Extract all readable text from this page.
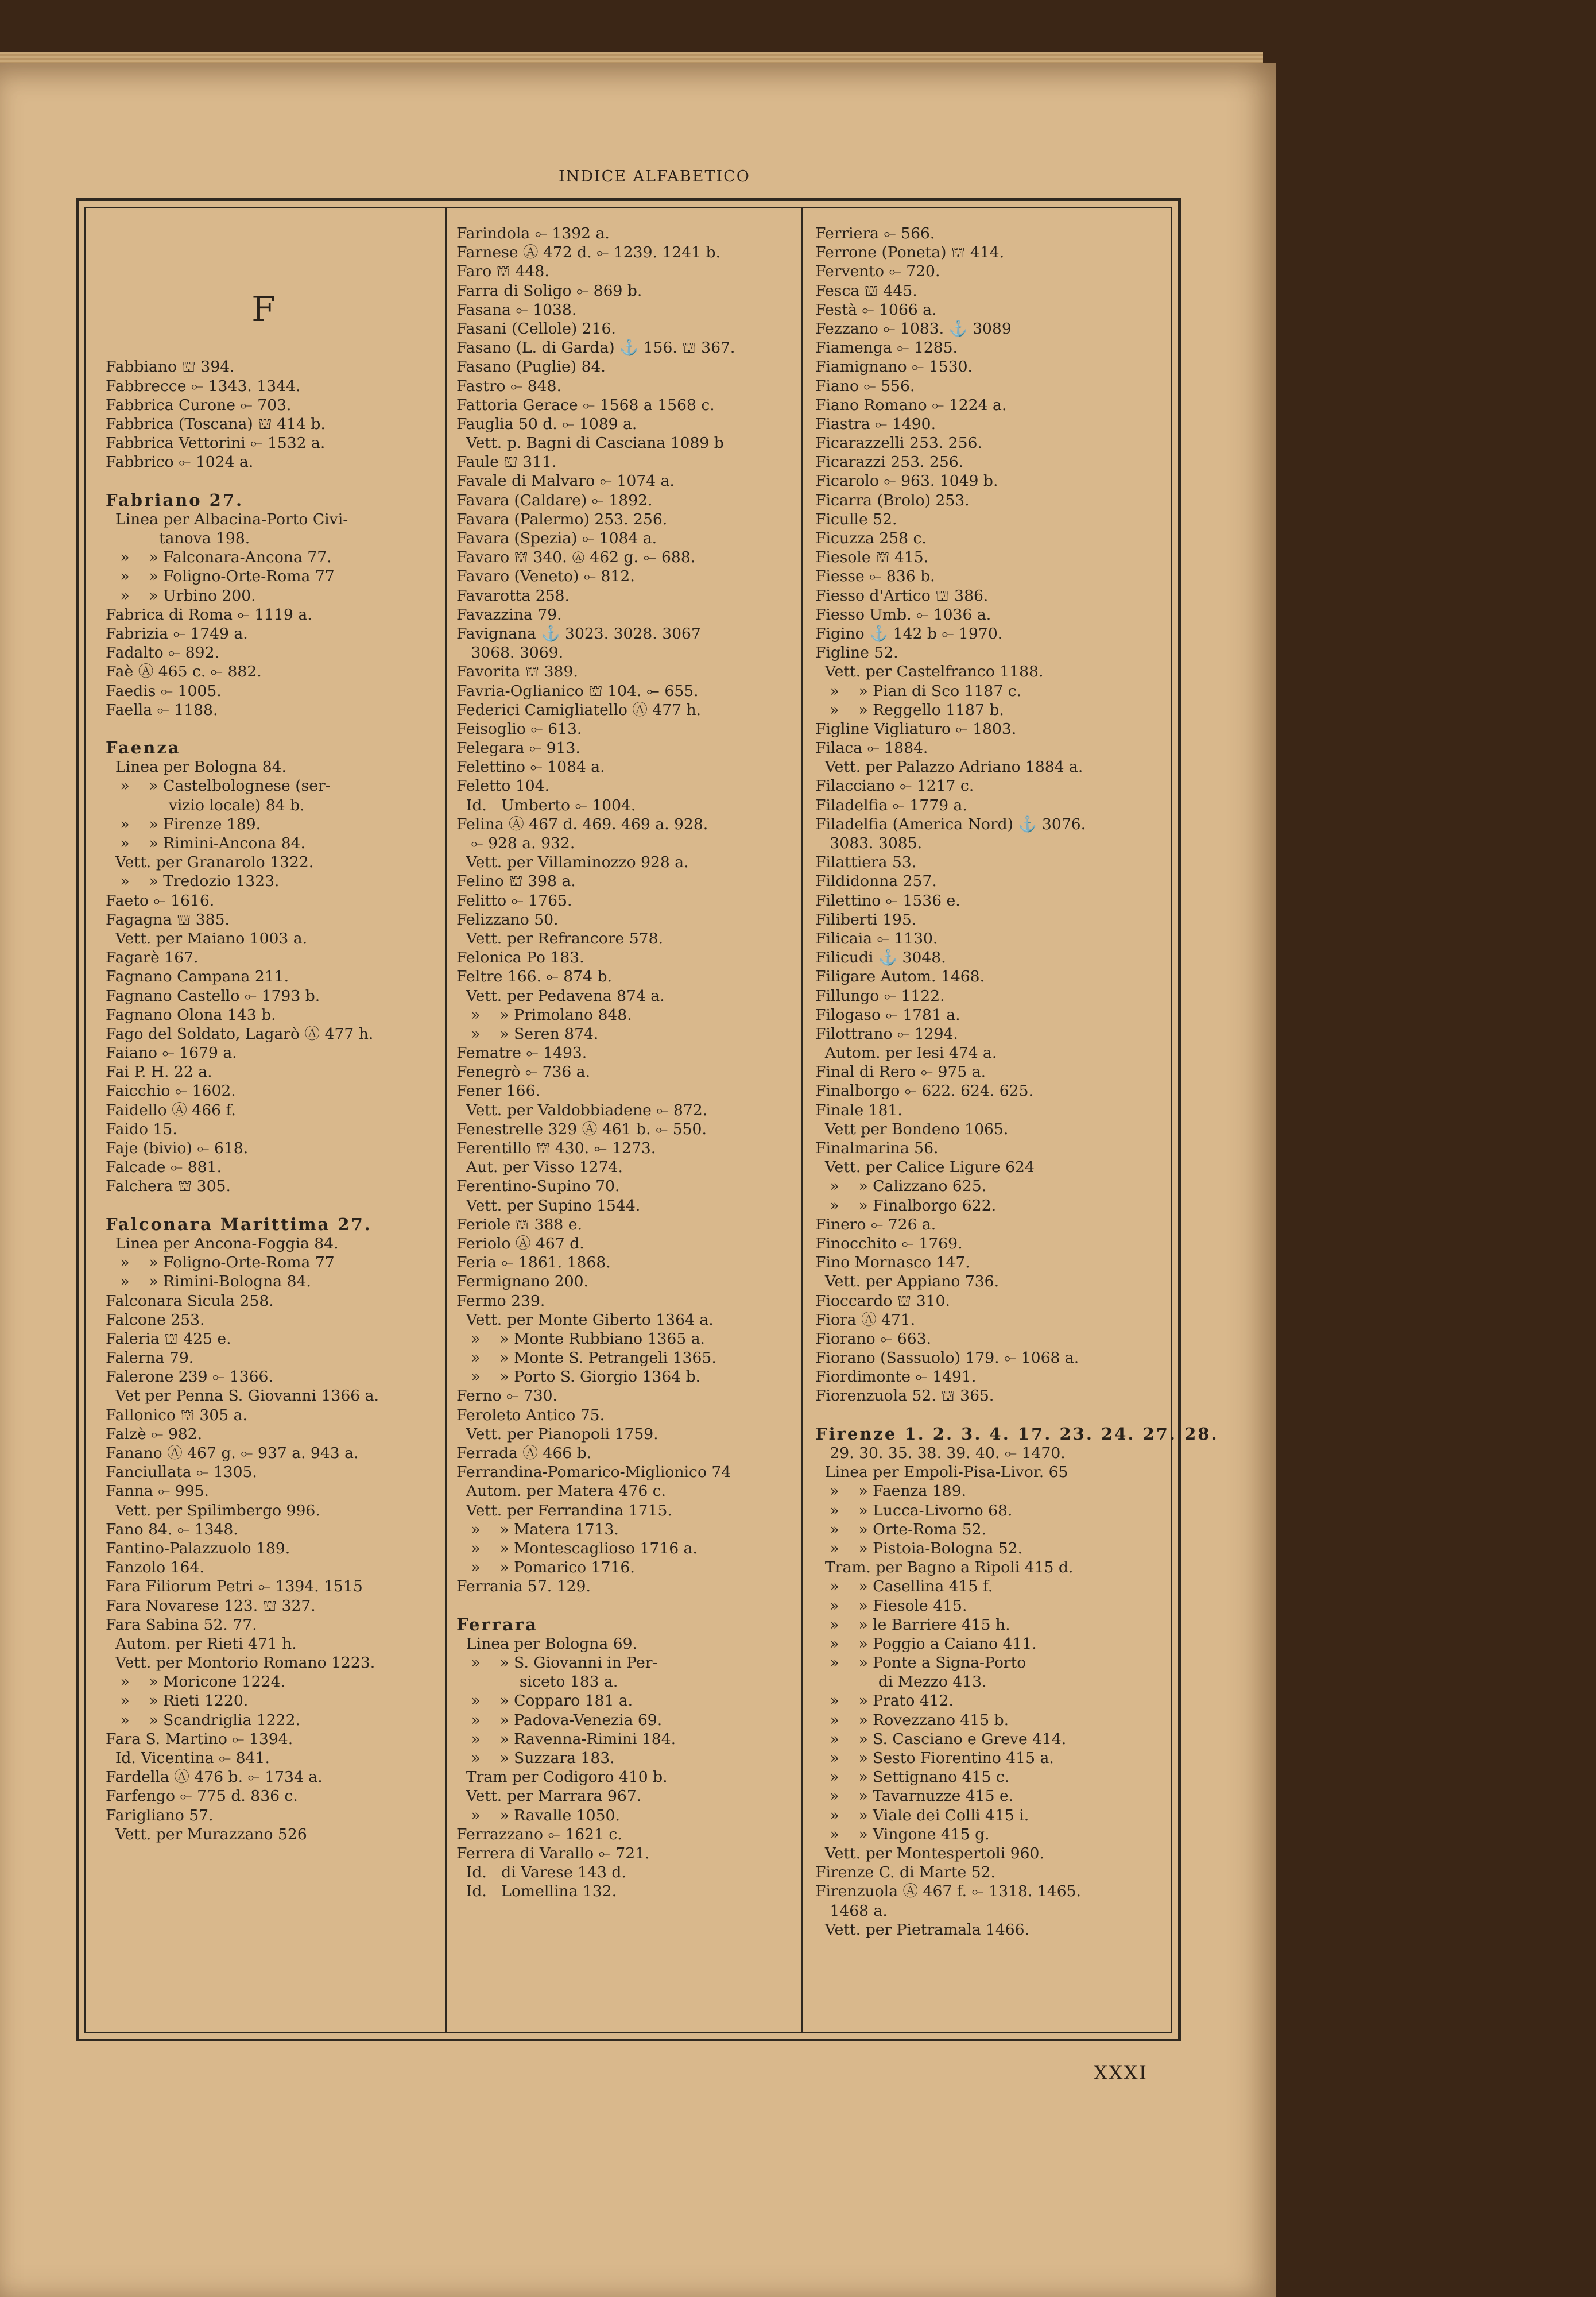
INDICE ALFABETICO
F
Fabbiano ⛫ 394.
Fabbrecce ⟜ 1343. 1344.
Fabbrica Curone ⟜ 703.
Fabbrica (Toscana) ⛫ 414 b.
Fabbrica Vettorini ⟜ 1532 a.
Fabbrico ⟜ 1024 a.
Fabriano 27.
Linea per Albacina-Porto Civi-
tanova 198.
»    » Falconara-Ancona 77.
»    » Foligno-Orte-Roma 77
»    » Urbino 200.
Fabrica di Roma ⟜ 1119 a.
Fabrizia ⟜ 1749 a.
Fadalto ⟜ 892.
Faè Ⓐ 465 c. ⟜ 882.
Faedis ⟜ 1005.
Faella ⟜ 1188.
Faenza
Linea per Bologna 84.
»    » Castelbolognese (ser-
vizio locale) 84 b.
»    » Firenze 189.
»    » Rimini-Ancona 84.
Vett. per Granarolo 1322.
»    » Tredozio 1323.
Faeto ⟜ 1616.
Fagagna ⛫ 385.
Vett. per Maiano 1003 a.
Fagarè 167.
Fagnano Campana 211.
Fagnano Castello ⟜ 1793 b.
Fagnano Olona 143 b.
Fago del Soldato, Lagarò Ⓐ 477 h.
Faiano ⟜ 1679 a.
Fai P. H. 22 a.
Faicchio ⟜ 1602.
Faidello Ⓐ 466 f.
Faido 15.
Faje (bivio) ⟜ 618.
Falcade ⟜ 881.
Falchera ⛫ 305.
Falconara Marittima 27.
Linea per Ancona-Foggia 84.
»    » Foligno-Orte-Roma 77
»    » Rimini-Bologna 84.
Falconara Sicula 258.
Falcone 253.
Faleria ⛫ 425 e.
Falerna 79.
Falerone 239 ⟜ 1366.
Vet per Penna S. Giovanni 1366 a.
Fallonico ⛫ 305 a.
Falzè ⟜ 982.
Fanano Ⓐ 467 g. ⟜ 937 a. 943 a.
Fanciullata ⟜ 1305.
Fanna ⟜ 995.
Vett. per Spilimbergo 996.
Fano 84. ⟜ 1348.
Fantino-Palazzuolo 189.
Fanzolo 164.
Fara Filiorum Petri ⟜ 1394. 1515
Fara Novarese 123. ⛫ 327.
Fara Sabina 52. 77.
Autom. per Rieti 471 h.
Vett. per Montorio Romano 1223.
»    » Moricone 1224.
»    » Rieti 1220.
»    » Scandriglia 1222.
Fara S. Martino ⟜ 1394.
Id. Vicentina ⟜ 841.
Fardella Ⓐ 476 b. ⟜ 1734 a.
Farfengo ⟜ 775 d. 836 c.
Farigliano 57.
Vett. per Murazzano 526
Farindola ⟜ 1392 a.
Farnese Ⓐ 472 d. ⟜ 1239. 1241 b.
Faro ⛫ 448.
Farra di Soligo ⟜ 869 b.
Fasana ⟜ 1038.
Fasani (Cellole) 216.
Fasano (L. di Garda) ⚓ 156. ⛫ 367.
Fasano (Puglie) 84.
Fastro ⟜ 848.
Fattoria Gerace ⟜ 1568 a 1568 c.
Fauglia 50 d. ⟜ 1089 a.
Vett. p. Bagni di Casciana 1089 b
Faule ⛫ 311.
Favale di Malvaro ⟜ 1074 a.
Favara (Caldare) ⟜ 1892.
Favara (Palermo) 253. 256.
Favara (Spezia) ⟜ 1084 a.
Favaro ⛫ 340. Ⓐ 462 g. ⟜ 688.
Favaro (Veneto) ⟜ 812.
Favarotta 258.
Favazzina 79.
Favignana ⚓ 3023. 3028. 3067
3068. 3069.
Favorita ⛫ 389.
Favria-Oglianico ⛫ 104. ⟜ 655.
Federici Camigliatello Ⓐ 477 h.
Feisoglio ⟜ 613.
Felegara ⟜ 913.
Felettino ⟜ 1084 a.
Feletto 104.
Id.   Umberto ⟜ 1004.
Felina Ⓐ 467 d. 469. 469 a. 928.
⟜ 928 a. 932.
Vett. per Villaminozzo 928 a.
Felino ⛫ 398 a.
Felitto ⟜ 1765.
Felizzano 50.
Vett. per Refrancore 578.
Felonica Po 183.
Feltre 166. ⟜ 874 b.
Vett. per Pedavena 874 a.
»    » Primolano 848.
»    » Seren 874.
Fematre ⟜ 1493.
Fenegrò ⟜ 736 a.
Fener 166.
Vett. per Valdobbiadene ⟜ 872.
Fenestrelle 329 Ⓐ 461 b. ⟜ 550.
Ferentillo ⛫ 430. ⟜ 1273.
Aut. per Visso 1274.
Ferentino-Supino 70.
Vett. per Supino 1544.
Feriole ⛫ 388 e.
Feriolo Ⓐ 467 d.
Feria ⟜ 1861. 1868.
Fermignano 200.
Fermo 239.
Vett. per Monte Giberto 1364 a.
»    » Monte Rubbiano 1365 a.
»    » Monte S. Petrangeli 1365.
»    » Porto S. Giorgio 1364 b.
Ferno ⟜ 730.
Feroleto Antico 75.
Vett. per Pianopoli 1759.
Ferrada Ⓐ 466 b.
Ferrandina-Pomarico-Miglionico 74
Autom. per Matera 476 c.
Vett. per Ferrandina 1715.
»    » Matera 1713.
»    » Montescaglioso 1716 a.
»    » Pomarico 1716.
Ferrania 57. 129.
Ferrara
Linea per Bologna 69.
»    » S. Giovanni in Per-
siceto 183 a.
»    » Copparo 181 a.
»    » Padova-Venezia 69.
»    » Ravenna-Rimini 184.
»    » Suzzara 183.
Tram per Codigoro 410 b.
Vett. per Marrara 967.
»    » Ravalle 1050.
Ferrazzano ⟜ 1621 c.
Ferrera di Varallo ⟜ 721.
Id.   di Varese 143 d.
Id.   Lomellina 132.
Ferriera ⟜ 566.
Ferrone (Poneta) ⛫ 414.
Fervento ⟜ 720.
Fesca ⛫ 445.
Festà ⟜ 1066 a.
Fezzano ⟜ 1083. ⚓ 3089
Fiamenga ⟜ 1285.
Fiamignano ⟜ 1530.
Fiano ⟜ 556.
Fiano Romano ⟜ 1224 a.
Fiastra ⟜ 1490.
Ficarazzelli 253. 256.
Ficarazzi 253. 256.
Ficarolo ⟜ 963. 1049 b.
Ficarra (Brolo) 253.
Ficulle 52.
Ficuzza 258 c.
Fiesole ⛫ 415.
Fiesse ⟜ 836 b.
Fiesso d'Artico ⛫ 386.
Fiesso Umb. ⟜ 1036 a.
Figino ⚓ 142 b ⟜ 1970.
Figline 52.
Vett. per Castelfranco 1188.
»    » Pian di Sco 1187 c.
»    » Reggello 1187 b.
Figline Vigliaturo ⟜ 1803.
Filaca ⟜ 1884.
Vett. per Palazzo Adriano 1884 a.
Filacciano ⟜ 1217 c.
Filadelfia ⟜ 1779 a.
Filadelfia (America Nord) ⚓ 3076.
3083. 3085.
Filattiera 53.
Fildidonna 257.
Filettino ⟜ 1536 e.
Filiberti 195.
Filicaia ⟜ 1130.
Filicudi ⚓ 3048.
Filigare Autom. 1468.
Fillungo ⟜ 1122.
Filogaso ⟜ 1781 a.
Filottrano ⟜ 1294.
Autom. per Iesi 474 a.
Final di Rero ⟜ 975 a.
Finalborgo ⟜ 622. 624. 625.
Finale 181.
Vett per Bondeno 1065.
Finalmarina 56.
Vett. per Calice Ligure 624
»    » Calizzano 625.
»    » Finalborgo 622.
Finero ⟜ 726 a.
Finocchito ⟜ 1769.
Fino Mornasco 147.
Vett. per Appiano 736.
Fioccardo ⛫ 310.
Fiora Ⓐ 471.
Fiorano ⟜ 663.
Fiorano (Sassuolo) 179. ⟜ 1068 a.
Fiordimonte ⟜ 1491.
Fiorenzuola 52. ⛫ 365.
Firenze 1. 2. 3. 4. 17. 23. 24. 27. 28.
29. 30. 35. 38. 39. 40. ⟜ 1470.
Linea per Empoli-Pisa-Livor. 65
»    » Faenza 189.
»    » Lucca-Livorno 68.
»    » Orte-Roma 52.
»    » Pistoia-Bologna 52.
Tram. per Bagno a Ripoli 415 d.
»    » Casellina 415 f.
»    » Fiesole 415.
»    » le Barriere 415 h.
»    » Poggio a Caiano 411.
»    » Ponte a Signa-Porto
di Mezzo 413.
»    » Prato 412.
»    » Rovezzano 415 b.
»    » S. Casciano e Greve 414.
»    » Sesto Fiorentino 415 a.
»    » Settignano 415 c.
»    » Tavarnuzze 415 e.
»    » Viale dei Colli 415 i.
»    » Vingone 415 g.
Vett. per Montespertoli 960.
Firenze C. di Marte 52.
Firenzuola Ⓐ 467 f. ⟜ 1318. 1465.
1468 a.
Vett. per Pietramala 1466.
XXXI
